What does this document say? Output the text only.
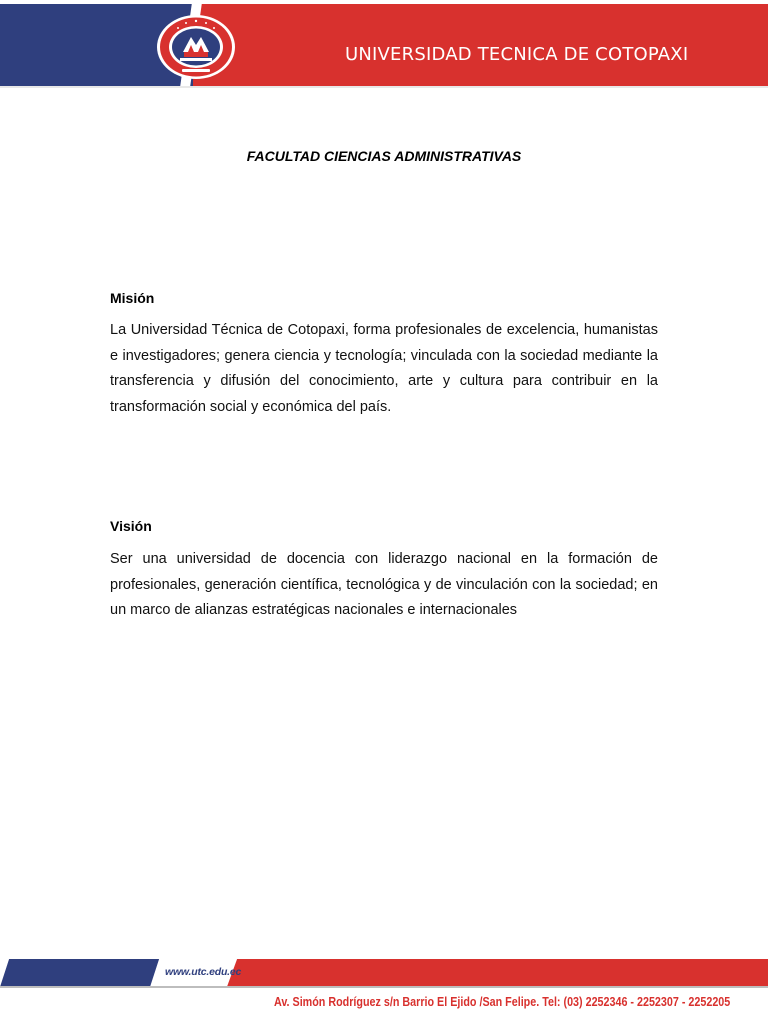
UNIVERSIDAD TECNICA DE COTOPAXI
FACULTAD CIENCIAS ADMINISTRATIVAS
Misión
La Universidad Técnica de Cotopaxi, forma profesionales de excelencia, humanistas e investigadores; genera ciencia y tecnología; vinculada con la sociedad mediante la transferencia y difusión del conocimiento, arte y cultura para contribuir en la transformación social y económica del país.
Visión
Ser una universidad de docencia con liderazgo nacional en la formación de profesionales, generación científica, tecnológica y de vinculación con la sociedad; en un marco de alianzas estratégicas nacionales e internacionales
www.utc.edu.ec
Av. Simón Rodríguez s/n Barrio El Ejido /San Felipe. Tel: (03) 2252346 - 2252307 - 2252205
